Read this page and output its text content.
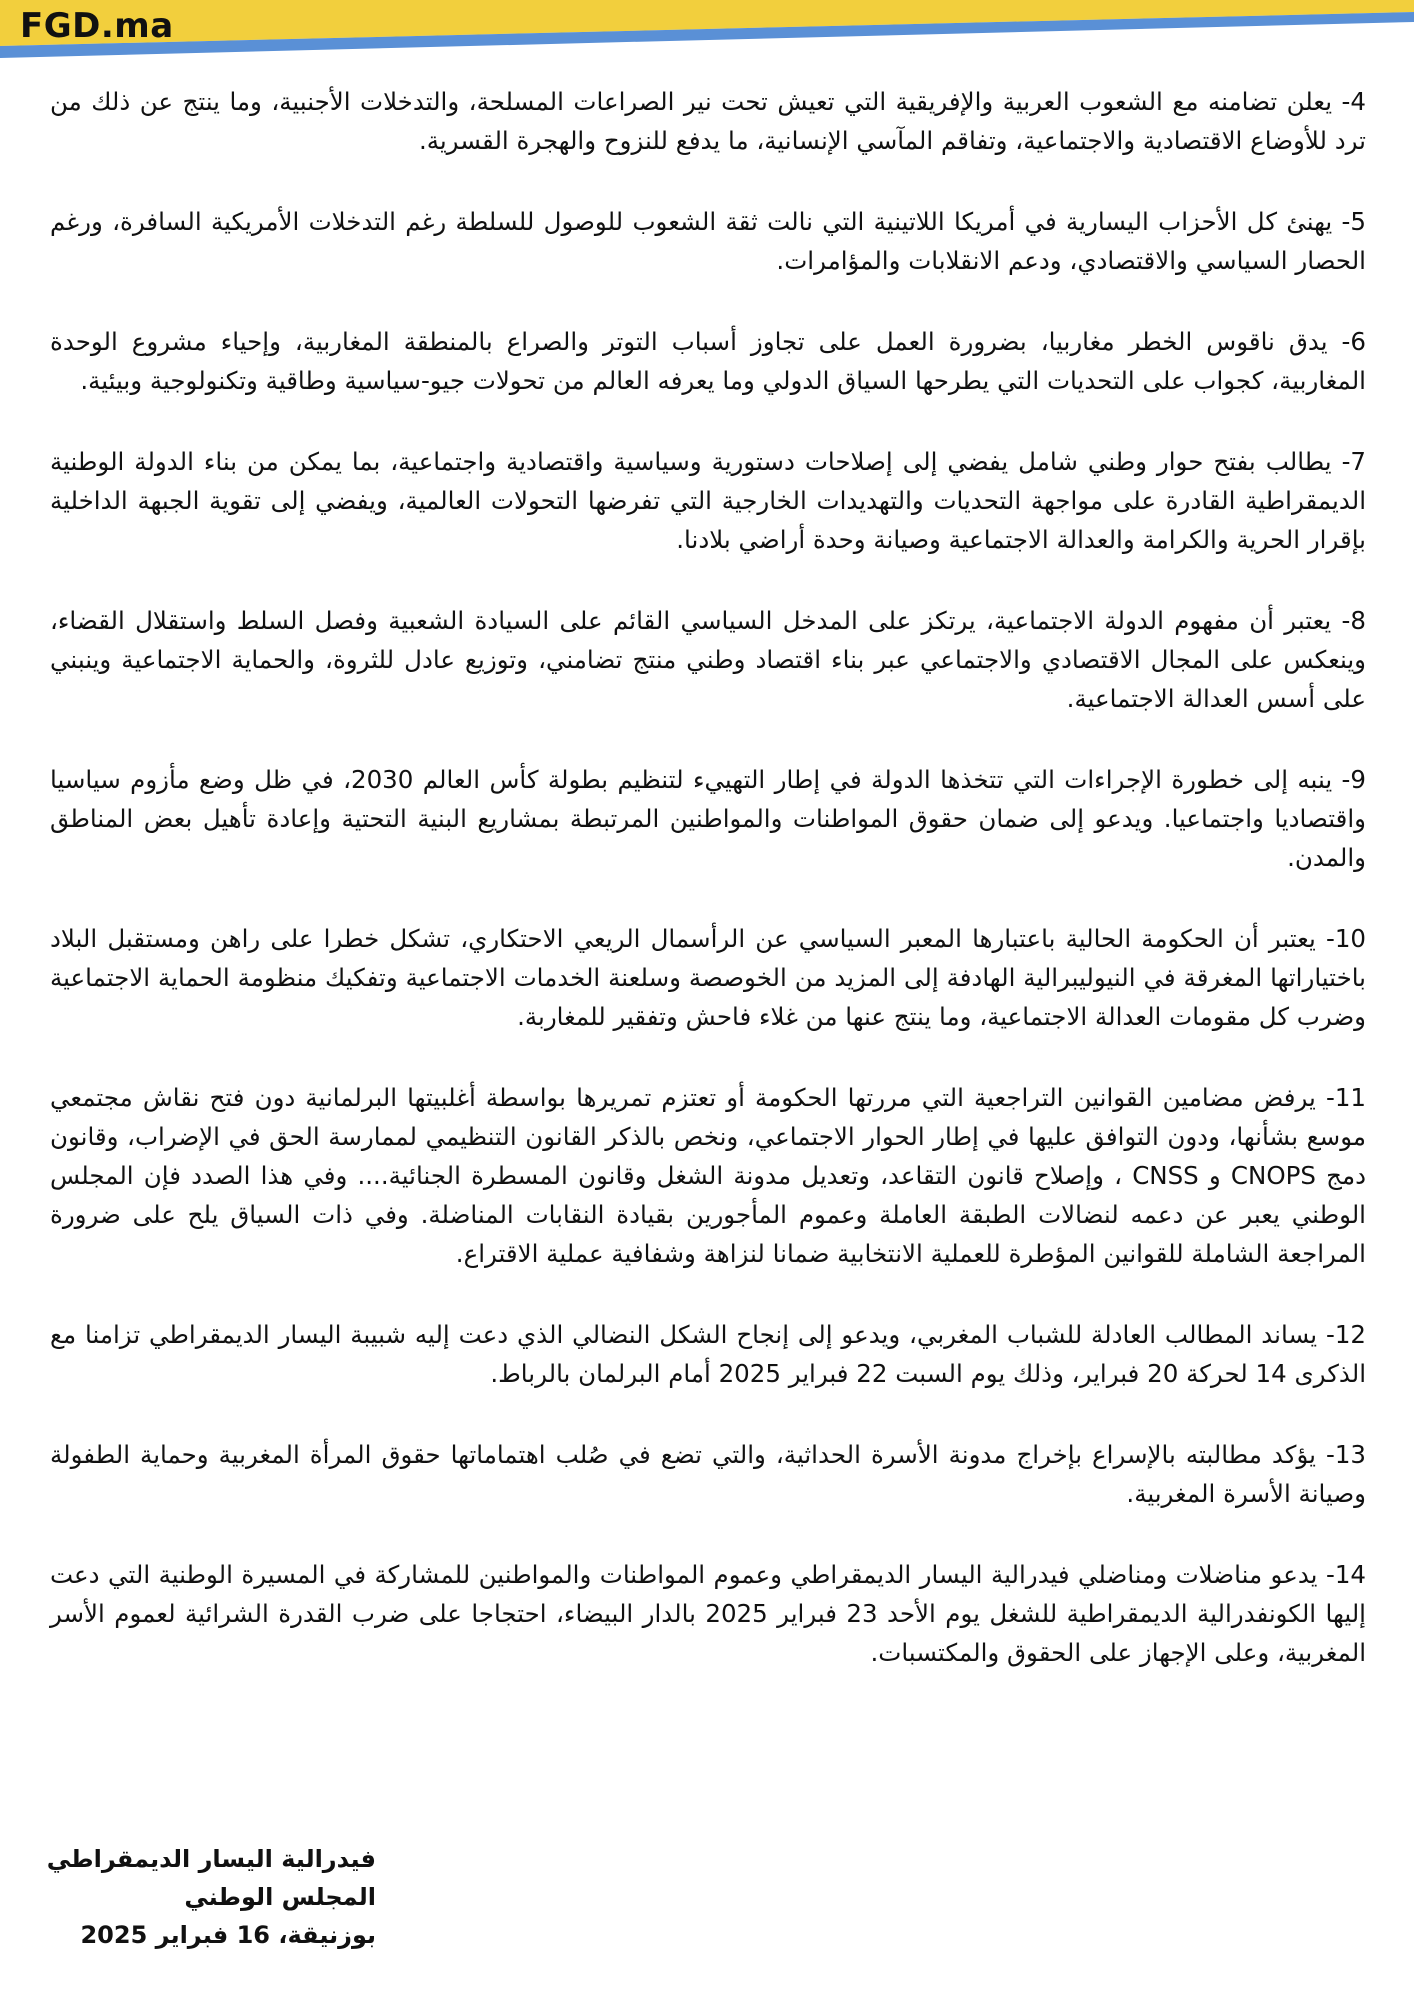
FGD.ma

4- يعلن تضامنه مع الشعوب العربية والإفريقية التي تعيش تحت نير الصراعات المسلحة، والتدخلات الأجنبية، وما ينتج عن ذلك من ترد للأوضاع الاقتصادية والاجتماعية، وتفاقم المآسي الإنسانية، ما يدفع للنزوح والهجرة القسرية.

5- يهنئ كل الأحزاب اليسارية في أمريكا اللاتينية التي نالت ثقة الشعوب للوصول للسلطة رغم التدخلات الأمريكية السافرة، ورغم الحصار السياسي والاقتصادي، ودعم الانقلابات والمؤامرات.

6- يدق ناقوس الخطر مغاربيا، بضرورة العمل على تجاوز أسباب التوتر والصراع بالمنطقة المغاربية، وإحياء مشروع الوحدة المغاربية، كجواب على التحديات التي يطرحها السياق الدولي وما يعرفه العالم من تحولات جيو-سياسية وطاقية وتكنولوجية وبيئية.

7- يطالب بفتح حوار وطني شامل يفضي إلى إصلاحات دستورية وسياسية واقتصادية واجتماعية، بما يمكن من بناء الدولة الوطنية الديمقراطية القادرة على مواجهة التحديات والتهديدات الخارجية التي تفرضها التحولات العالمية، ويفضي إلى تقوية الجبهة الداخلية بإقرار الحرية والكرامة والعدالة الاجتماعية وصيانة وحدة أراضي بلادنا.

8- يعتبر أن مفهوم الدولة الاجتماعية، يرتكز على المدخل السياسي القائم على السيادة الشعبية وفصل السلط واستقلال القضاء، وينعكس على المجال الاقتصادي والاجتماعي عبر بناء اقتصاد وطني منتج تضامني، وتوزيع عادل للثروة، والحماية الاجتماعية وينبني على أسس العدالة الاجتماعية.

9- ينبه إلى خطورة الإجراءات التي تتخذها الدولة في إطار التهييء لتنظيم بطولة كأس العالم 2030، في ظل وضع مأزوم سياسيا واقتصاديا واجتماعيا. ويدعو إلى ضمان حقوق المواطنات والمواطنين المرتبطة بمشاريع البنية التحتية وإعادة تأهيل بعض المناطق والمدن.

10- يعتبر أن الحكومة الحالية باعتبارها المعبر السياسي عن الرأسمال الريعي الاحتكاري، تشكل خطرا على راهن ومستقبل البلاد باختياراتها المغرقة في النيوليبرالية الهادفة إلى المزيد من الخوصصة وسلعنة الخدمات الاجتماعية وتفكيك منظومة الحماية الاجتماعية وضرب كل مقومات العدالة الاجتماعية، وما ينتج عنها من غلاء فاحش وتفقير للمغاربة.

11- يرفض مضامين القوانين التراجعية التي مررتها الحكومة أو تعتزم تمريرها بواسطة أغلبيتها البرلمانية دون فتح نقاش مجتمعي موسع بشأنها، ودون التوافق عليها في إطار الحوار الاجتماعي، ونخص بالذكر القانون التنظيمي لممارسة الحق في الإضراب، وقانون دمج CNOPS و CNSS ، وإصلاح قانون التقاعد، وتعديل مدونة الشغل وقانون المسطرة الجنائية.... وفي هذا الصدد فإن المجلس الوطني يعبر عن دعمه لنضالات الطبقة العاملة وعموم المأجورين بقيادة النقابات المناضلة. وفي ذات السياق يلح على ضرورة المراجعة الشاملة للقوانين المؤطرة للعملية الانتخابية ضمانا لنزاهة وشفافية عملية الاقتراع.

12- يساند المطالب العادلة للشباب المغربي، ويدعو إلى إنجاح الشكل النضالي الذي دعت إليه شبيبة اليسار الديمقراطي تزامنا مع الذكرى 14 لحركة 20 فبراير، وذلك يوم السبت 22 فبراير 2025 أمام البرلمان بالرباط.

13- يؤكد مطالبته بالإسراع بإخراج مدونة الأسرة الحداثية، والتي تضع في صُلب اهتماماتها حقوق المرأة المغربية وحماية الطفولة وصيانة الأسرة المغربية.

14- يدعو مناضلات ومناضلي فيدرالية اليسار الديمقراطي وعموم المواطنات والمواطنين للمشاركة في المسيرة الوطنية التي دعت إليها الكونفدرالية الديمقراطية للشغل يوم الأحد 23 فبراير 2025 بالدار البيضاء، احتجاجا على ضرب القدرة الشرائية لعموم الأسر المغربية، وعلى الإجهاز على الحقوق والمكتسبات.

فيدرالية اليسار الديمقراطي
المجلس الوطني
بوزنيقة، 16 فبراير 2025
